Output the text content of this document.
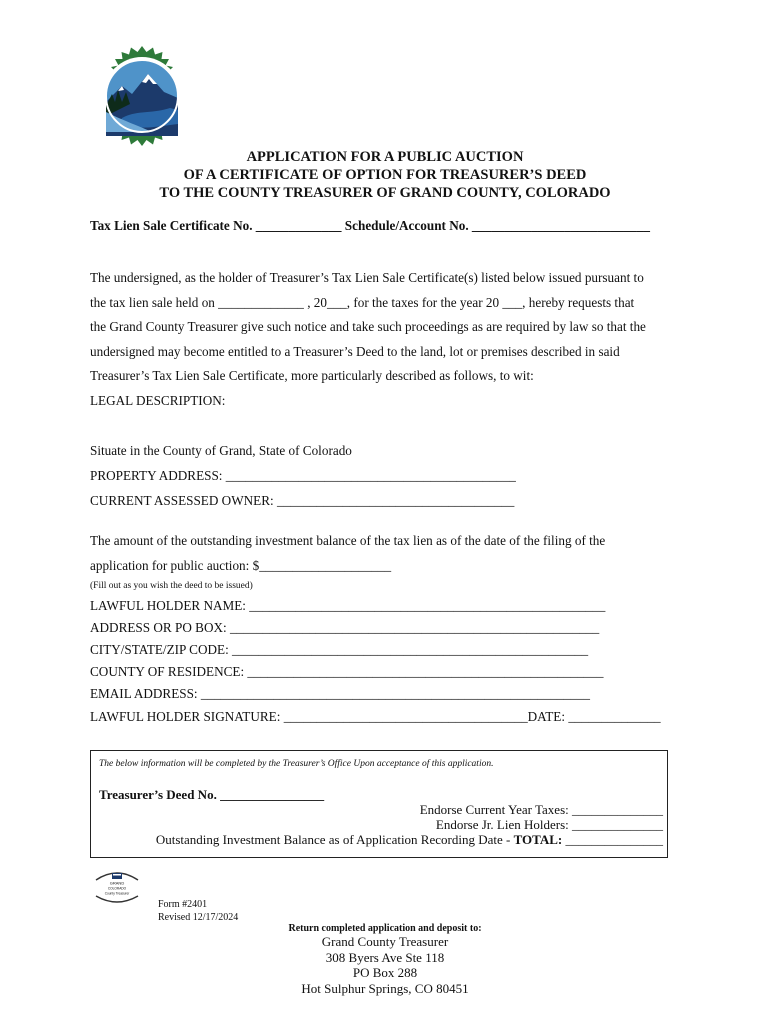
APPLICATION FOR A PUBLIC AUCTION
OF A CERTIFICATE OF OPTION FOR TREASURER’S DEED
TO THE COUNTY TREASURER OF GRAND COUNTY, COLORADO
Tax Lien Sale Certificate No. _____________ Schedule/Account No. ___________________________
The undersigned, as the holder of Treasurer’s Tax Lien Sale Certificate(s) listed below issued pursuant to
the tax lien sale held on _____________ , 20___, for the taxes for the year 20 ___, hereby requests that
the Grand County Treasurer give such notice and take such proceedings as are required by law so that the
undersigned may become entitled to a Treasurer’s Deed to the land, lot or premises described in said
Treasurer’s Tax Lien Sale Certificate, more particularly described as follows, to wit:
LEGAL DESCRIPTION:
Situate in the County of Grand, State of Colorado
PROPERTY ADDRESS: ____________________________________________
CURRENT ASSESSED OWNER: ____________________________________
The amount of the outstanding investment balance of the tax lien as of the date of the filing of the
application for public auction: $____________________
(Fill out as you wish the deed to be issued)
LAWFUL HOLDER NAME: ______________________________________________________
ADDRESS OR PO BOX: ________________________________________________________
CITY/STATE/ZIP CODE: ______________________________________________________
COUNTY OF RESIDENCE: ______________________________________________________
EMAIL ADDRESS: ___________________________________________________________
LAWFUL HOLDER SIGNATURE: _____________________________________DATE: ______________
The below information will be completed by the Treasurer’s Office Upon acceptance of this application.
Treasurer’s Deed No. ________________
Endorse Current Year Taxes: ______________
Endorse Jr. Lien Holders: ______________
Outstanding Investment Balance as of Application Recording Date - TOTAL: _______________
GRAND
COLORADO
County Treasurer
Form #2401
Revised 12/17/2024
Return completed application and deposit to:
Grand County Treasurer
308 Byers Ave Ste 118
PO Box 288
Hot Sulphur Springs, CO 80451
